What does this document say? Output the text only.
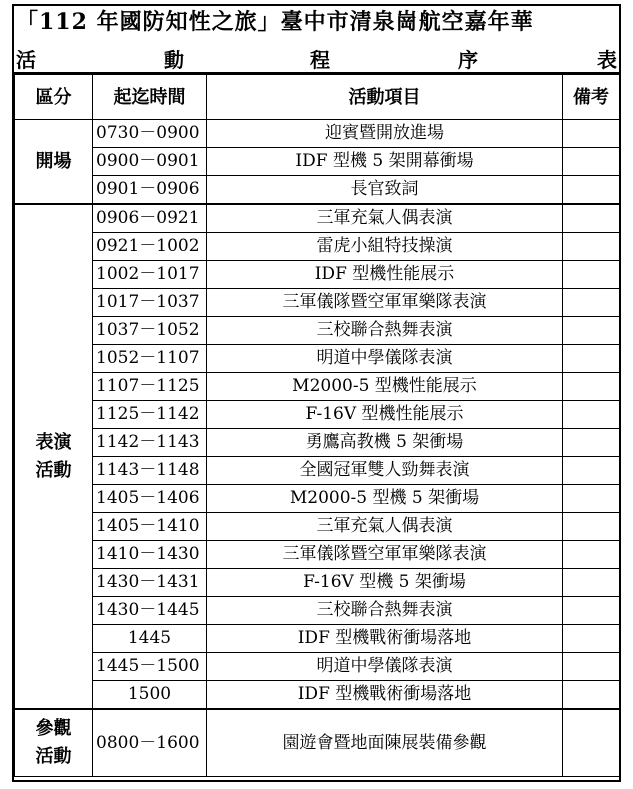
「112 年國防知性之旅」臺中市清泉崗航空嘉年華
活	動	程	序	表
區分	起迄時間	活動項目	備考
開場	0730－0900	迎賓暨開放進場	
	0900－0901	IDF 型機 5 架開幕衝場	
	0901－0906	長官致詞	

表演
活動	0906－0921	三軍充氣人偶表演	
	0921－1002	雷虎小組特技操演	
	1002－1017	IDF 型機性能展示	
	1017－1037	三軍儀隊暨空軍軍樂隊表演	
	1037－1052	三校聯合熱舞表演	
	1052－1107	明道中學儀隊表演	
	1107－1125	M2000-5 型機性能展示	
	1125－1142	F-16V 型機性能展示	
	1142－1143	勇鷹高教機 5 架衝場	
	1143－1148	全國冠軍雙人勁舞表演	
	1405－1406	M2000-5 型機 5 架衝場	
	1405－1410	三軍充氣人偶表演	
	1410－1430	三軍儀隊暨空軍軍樂隊表演	
	1430－1431	F-16V 型機 5 架衝場	
	1430－1445	三校聯合熱舞表演	
	1445	IDF 型機戰術衝場落地	
	1445－1500	明道中學儀隊表演	
	1500	IDF 型機戰術衝場落地	

參觀
活動	0800－1600	園遊會暨地面陳展裝備參觀	
